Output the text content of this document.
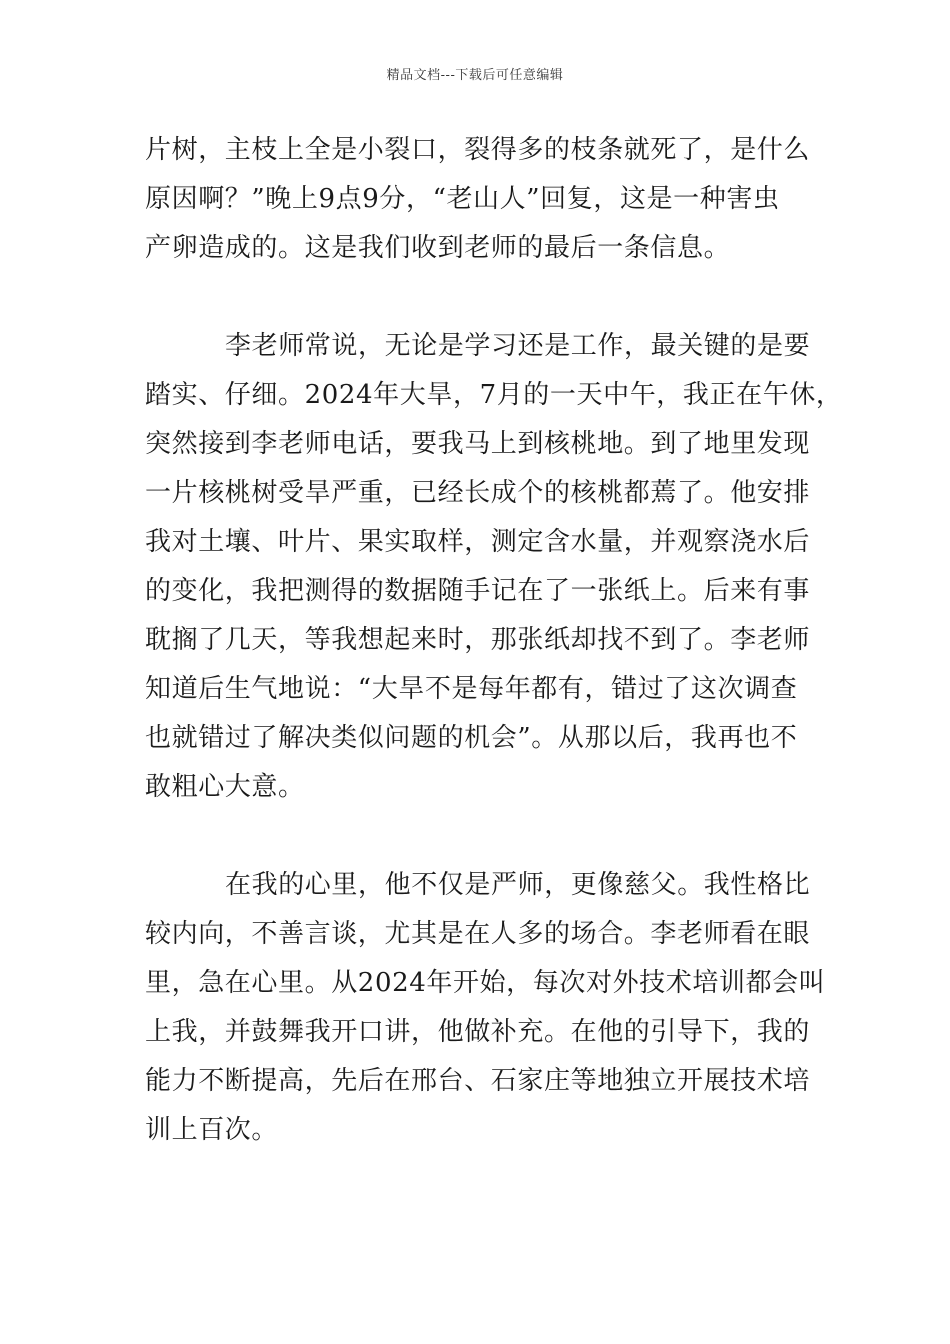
精品文档---下载后可任意编辑
片树，主枝上全是小裂口，裂得多的枝条就死了，是什么
原因啊？”晚上9点9分，“老山人”回复，这是一种害虫
产卵造成的。这是我们收到老师的最后一条信息。
李老师常说，无论是学习还是工作，最关键的是要
踏实、仔细。2024年大旱，7月的一天中午，我正在午休，
突然接到李老师电话，要我马上到核桃地。到了地里发现
一片核桃树受旱严重，已经长成个的核桃都蔫了。他安排
我对土壤、叶片、果实取样，测定含水量，并观察浇水后
的变化，我把测得的数据随手记在了一张纸上。后来有事
耽搁了几天，等我想起来时，那张纸却找不到了。李老师
知道后生气地说：“大旱不是每年都有，错过了这次调查
也就错过了解决类似问题的机会”。从那以后，我再也不
敢粗心大意。
在我的心里，他不仅是严师，更像慈父。我性格比
较内向，不善言谈，尤其是在人多的场合。李老师看在眼
里，急在心里。从2024年开始，每次对外技术培训都会叫
上我，并鼓舞我开口讲，他做补充。在他的引导下，我的
能力不断提高，先后在邢台、石家庄等地独立开展技术培
训上百次。
